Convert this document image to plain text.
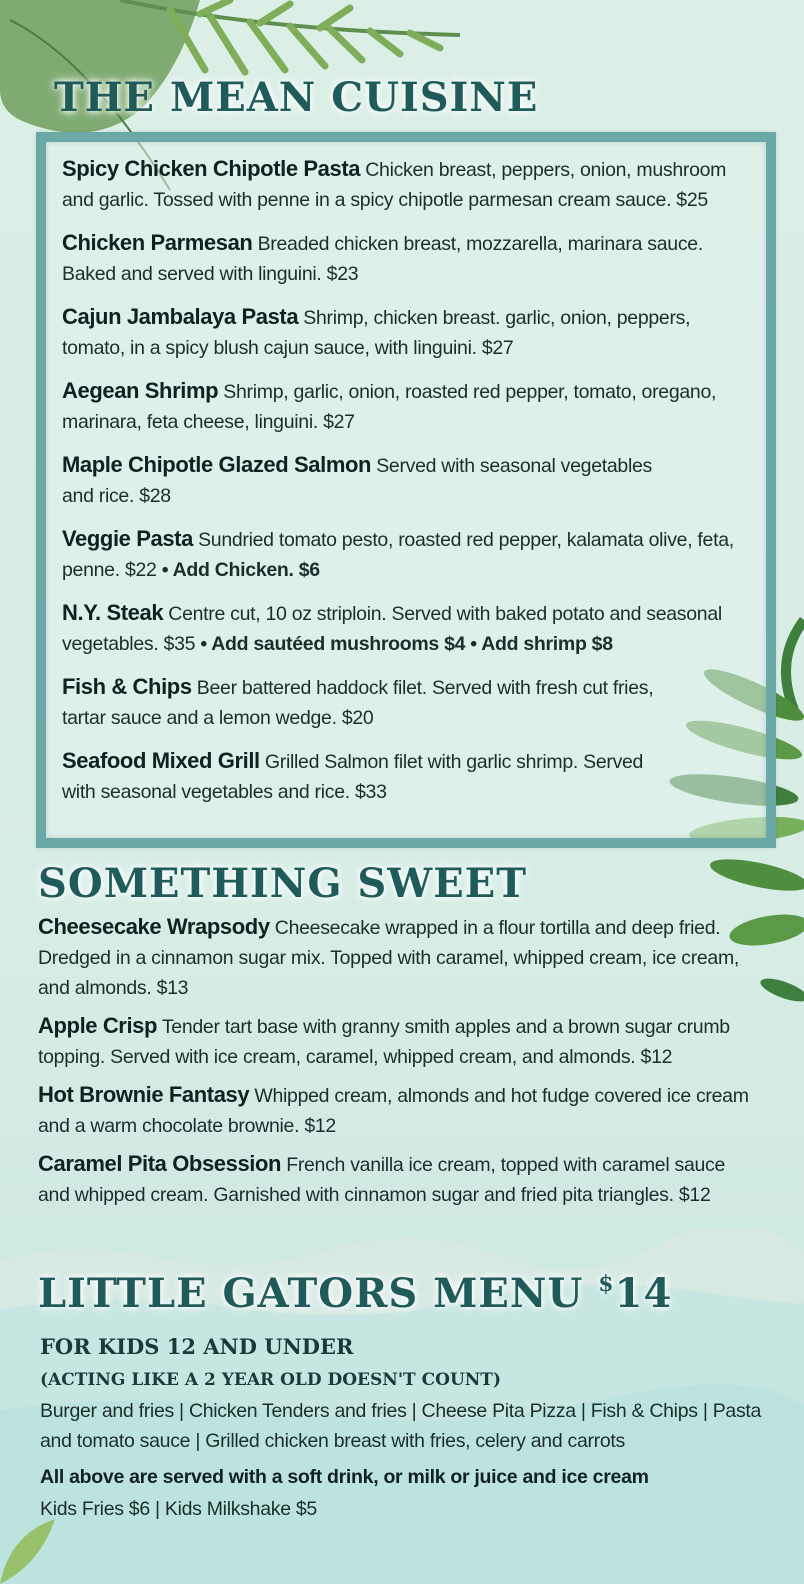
THE MEAN CUISINE
Spicy Chicken Chipotle Pasta Chicken breast, peppers, onion, mushroom and garlic. Tossed with penne in a spicy chipotle parmesan cream sauce. $25
Chicken Parmesan Breaded chicken breast, mozzarella, marinara sauce. Baked and served with linguini. $23
Cajun Jambalaya Pasta Shrimp, chicken breast. garlic, onion, peppers, tomato, in a spicy blush cajun sauce, with linguini. $27
Aegean Shrimp Shrimp, garlic, onion, roasted red pepper, tomato, oregano, marinara, feta cheese, linguini. $27
Maple Chipotle Glazed Salmon Served with seasonal vegetables and rice. $28
Veggie Pasta Sundried tomato pesto, roasted red pepper, kalamata olive, feta, penne. $22 • Add Chicken. $6
N.Y. Steak Centre cut, 10 oz striploin. Served with baked potato and seasonal vegetables. $35 • Add sautéed mushrooms $4 • Add shrimp $8
Fish & Chips Beer battered haddock filet. Served with fresh cut fries, tartar sauce and a lemon wedge. $20
Seafood Mixed Grill Grilled Salmon filet with garlic shrimp. Served with seasonal vegetables and rice. $33
SOMETHING SWEET
Cheesecake Wrapsody Cheesecake wrapped in a flour tortilla and deep fried. Dredged in a cinnamon sugar mix. Topped with caramel, whipped cream, ice cream, and almonds. $13
Apple Crisp Tender tart base with granny smith apples and a brown sugar crumb topping. Served with ice cream, caramel, whipped cream, and almonds. $12
Hot Brownie Fantasy Whipped cream, almonds and hot fudge covered ice cream and a warm chocolate brownie. $12
Caramel Pita Obsession French vanilla ice cream, topped with caramel sauce and whipped cream. Garnished with cinnamon sugar and fried pita triangles. $12
LITTLE GATORS MENU $14
FOR KIDS 12 AND UNDER
(ACTING LIKE A 2 YEAR OLD DOESN'T COUNT)

Burger and fries | Chicken Tenders and fries | Cheese Pita Pizza | Fish & Chips | Pasta and tomato sauce | Grilled chicken breast with fries, celery and carrots

All above are served with a soft drink, or milk or juice and ice cream

Kids Fries $6 | Kids Milkshake $5
